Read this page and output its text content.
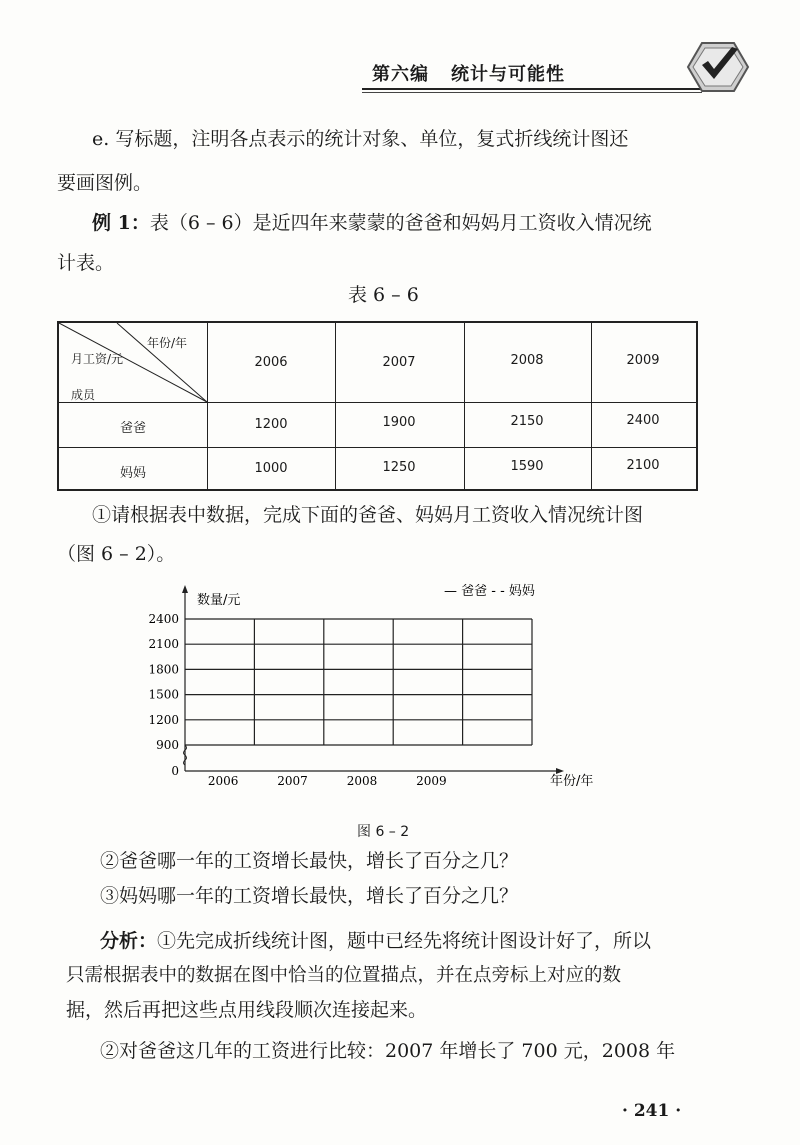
第六编 统计与可能性
e. 写标题，注明各点表示的统计对象、单位，复式折线统计图还
要画图例。
例 1：表（6 – 6）是近四年来蒙蒙的爸爸和妈妈月工资收入情况统
计表。
表 6 – 6
年份/年
月工资/元
成员
2006	2007	2008	2009
爸爸	1200	1900	2150	2400
妈妈	1000	1250	1590	2100
①请根据表中数据，完成下面的爸爸、妈妈月工资收入情况统计图
（图 6 – 2）。
0
900
1200
1500
1800
2100
2400
2006	2007	2008	2009
数量/元
年份/年
— 爸爸 - - 妈妈
图 6 – 2
②爸爸哪一年的工资增长最快，增长了百分之几？
③妈妈哪一年的工资增长最快，增长了百分之几？
分析：①先完成折线统计图，题中已经先将统计图设计好了，所以
只需根据表中的数据在图中恰当的位置描点，并在点旁标上对应的数
据，然后再把这些点用线段顺次连接起来。
②对爸爸这几年的工资进行比较：2007 年增长了 700 元，2008 年
· 241 ·
